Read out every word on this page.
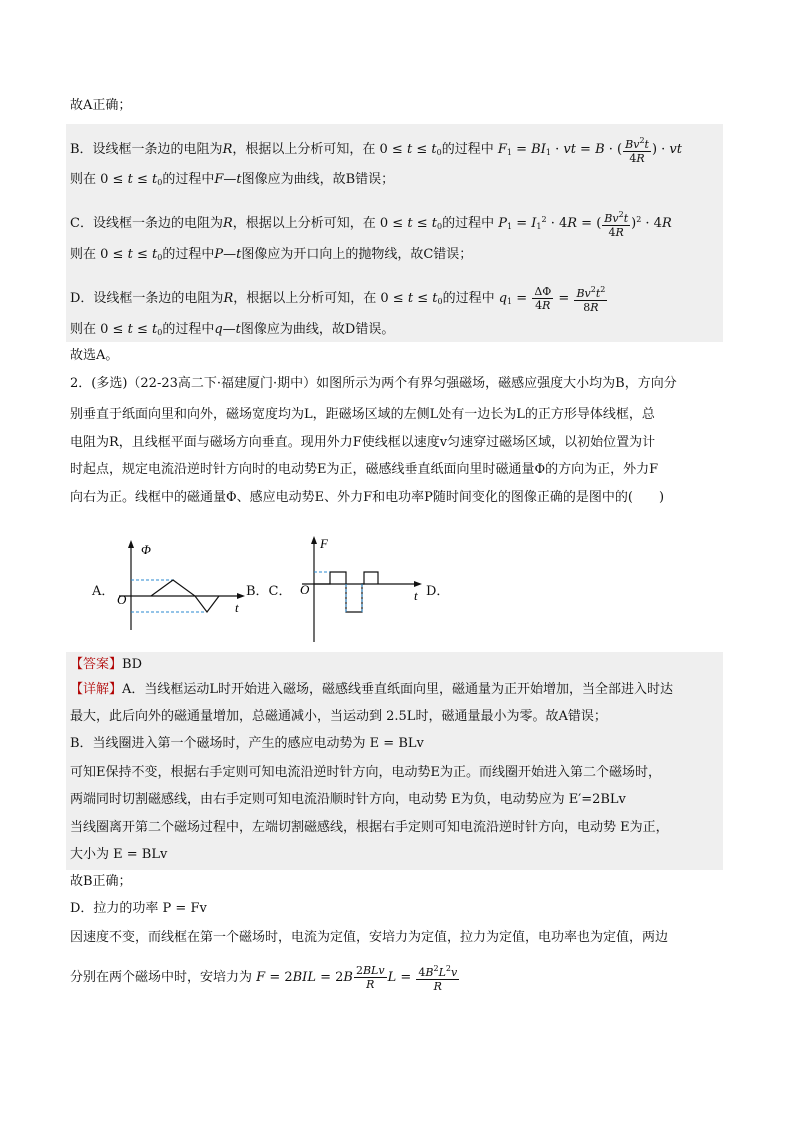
故A正确；
B．设线框一条边的电阻为R，根据以上分析可知，在 $0 \le t \le t_0$的过程中 $F_1 = BI_1$ · vt = B · ( $\frac{Bv^2t}{4R}$ ) · vt
则在 $0 \le t \le t_0$的过程中F—t图像应为曲线，故B错误；
C．设线框一条边的电阻为R，根据以上分析可知，在 $0 \le t \le t_0$的过程中 $P_1 = I_1^2 \cdot 4R$ = ( $\frac{Bv^2t}{4R} )^2 \cdot 4R$
则在 $0 \le t \le t_0$的过程中P—t图像应为开口向上的抛物线，故C错误；
D．设线框一条边的电阻为R，根据以上分析可知，在 $0 \le t \le t_0$的过程中 $q_1 = \frac{\Delta\Phi}{4R} = \frac{Bv^2t^2}{8R}$
则在 $0 \le t \le t_0$的过程中q—t图像应为曲线，故D错误。
故选A。
2．(多选)（22-23高二下·福建厦门·期中）如图所示为两个有界匀强磁场，磁感应强度大小均为B，方向分
别垂直于纸面向里和向外，磁场宽度均为L，距磁场区域的左侧L处有一边长为L的正方形导体线框，总
电阻为R，且线框平面与磁场方向垂直。现用外力F使线框以速度v匀速穿过磁场区域，以初始位置为计
时起点，规定电流沿逆时针方向时的电动势E为正，磁感线垂直纸面向里时磁通量Φ的方向为正，外力F
向右为正。线框中的磁通量Φ、感应电动势E、外力F和电功率P随时间变化的图像正确的是图中的(　　)
A．	B．C．	D．
Φ
O
t
F
O	t
【答案】BD
【详解】A．当线框运动L时开始进入磁场，磁感线垂直纸面向里，磁通量为正开始增加，当全部进入时达
最大，此后向外的磁通量增加，总磁通减小，当运动到 2.5L时，磁通量最小为零。故A错误；
B．当线圈进入第一个磁场时，产生的感应电动势为 E = BLv
可知E保持不变，根据右手定则可知电流沿逆时针方向，电动势E为正。而线圈开始进入第二个磁场时，
两端同时切割磁感线，由右手定则可知电流沿顺时针方向，电动势 E为负，电动势应为 E′=2BLv
当线圈离开第二个磁场过程中，左端切割磁感线，根据右手定则可知电流沿逆时针方向，电动势 E为正，
大小为 E = BLv
故B正确；
D．拉力的功率 P = Fv
因速度不变，而线框在第一个磁场时，电流为定值，安培力为定值，拉力为定值，电功率也为定值，两边
分别在两个磁场中时，安培力为 $F = 2BIL = 2B \frac{\text{2BLv}}{R}$ $L = \frac{4B^2L^2v}{R}$
